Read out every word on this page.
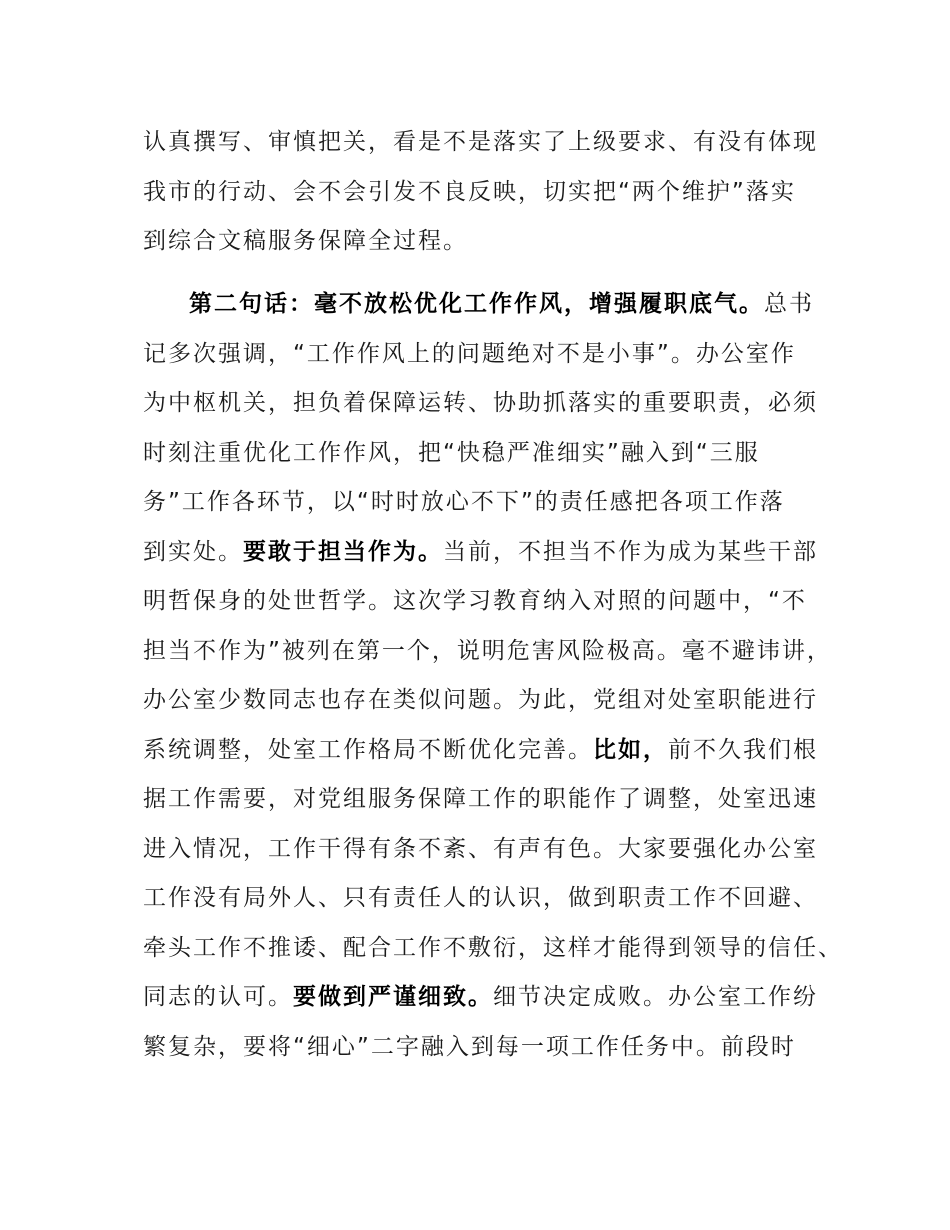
认真撰写、审慎把关，看是不是落实了上级要求、有没有体现
我市的行动、会不会引发不良反映，切实把“两个维护”落实
到综合文稿服务保障全过程。
第二句话：毫不放松优化工作作风，增强履职底气。总书
记多次强调，“工作作风上的问题绝对不是小事”。办公室作
为中枢机关，担负着保障运转、协助抓落实的重要职责，必须
时刻注重优化工作作风，把“快稳严准细实”融入到“三服
务”工作各环节，以“时时放心不下”的责任感把各项工作落
到实处。要敢于担当作为。当前，不担当不作为成为某些干部
明哲保身的处世哲学。这次学习教育纳入对照的问题中，“不
担当不作为”被列在第一个，说明危害风险极高。毫不避讳讲，
办公室少数同志也存在类似问题。为此，党组对处室职能进行
系统调整，处室工作格局不断优化完善。比如，前不久我们根
据工作需要，对党组服务保障工作的职能作了调整，处室迅速
进入情况，工作干得有条不紊、有声有色。大家要强化办公室
工作没有局外人、只有责任人的认识，做到职责工作不回避、
牵头工作不推诿、配合工作不敷衍，这样才能得到领导的信任、
同志的认可。要做到严谨细致。细节决定成败。办公室工作纷
繁复杂，要将“细心”二字融入到每一项工作任务中。前段时
